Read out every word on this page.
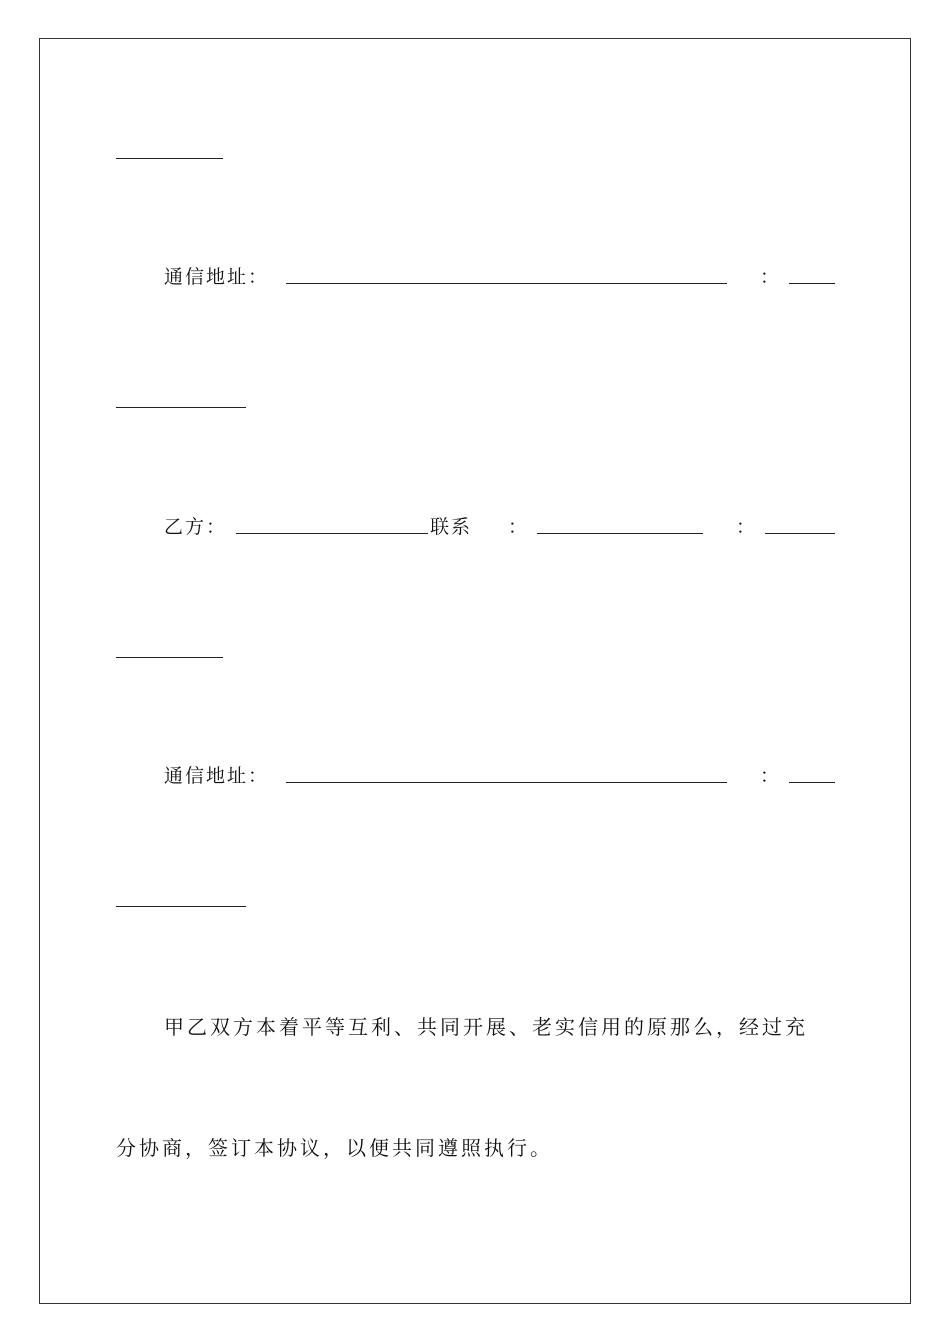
通信地址：	：
乙方：	联系 ：	：
通信地址：	：
甲乙双方本着平等互利、共同开展、老实信用的原那么，经过充
分协商，签订本协议，以便共同遵照执行。
